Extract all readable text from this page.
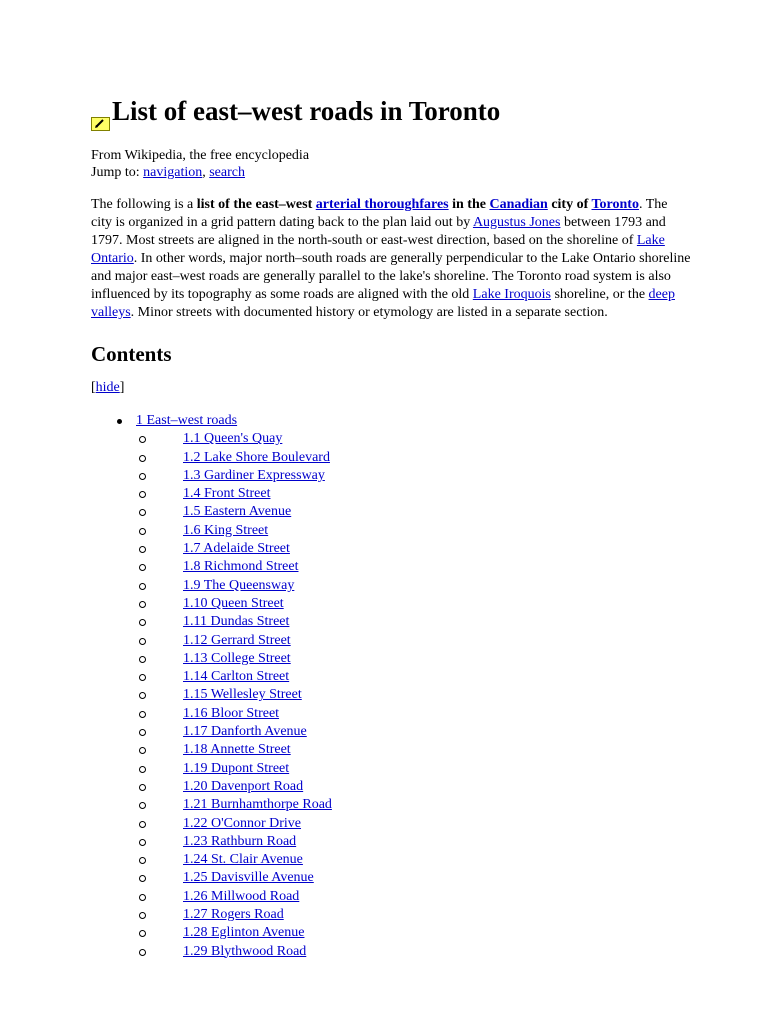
List of east–west roads in Toronto
From Wikipedia, the free encyclopedia
Jump to: navigation, search

The following is a list of the east–west arterial thoroughfares in the Canadian city of Toronto. The city is organized in a grid pattern dating back to the plan laid out by Augustus Jones between 1793 and 1797. Most streets are aligned in the north-south or east-west direction, based on the shoreline of Lake Ontario. In other words, major north–south roads are generally perpendicular to the Lake Ontario shoreline and major east–west roads are generally parallel to the lake's shoreline. The Toronto road system is also influenced by its topography as some roads are aligned with the old Lake Iroquois shoreline, or the deep valleys. Minor streets with documented history or etymology are listed in a separate section.

Contents
[hide]
1 East–west roads
1.1 Queen's Quay
1.2 Lake Shore Boulevard
1.3 Gardiner Expressway
1.4 Front Street
1.5 Eastern Avenue
1.6 King Street
1.7 Adelaide Street
1.8 Richmond Street
1.9 The Queensway
1.10 Queen Street
1.11 Dundas Street
1.12 Gerrard Street
1.13 College Street
1.14 Carlton Street
1.15 Wellesley Street
1.16 Bloor Street
1.17 Danforth Avenue
1.18 Annette Street
1.19 Dupont Street
1.20 Davenport Road
1.21 Burnhamthorpe Road
1.22 O'Connor Drive
1.23 Rathburn Road
1.24 St. Clair Avenue
1.25 Davisville Avenue
1.26 Millwood Road
1.27 Rogers Road
1.28 Eglinton Avenue
1.29 Blythwood Road
